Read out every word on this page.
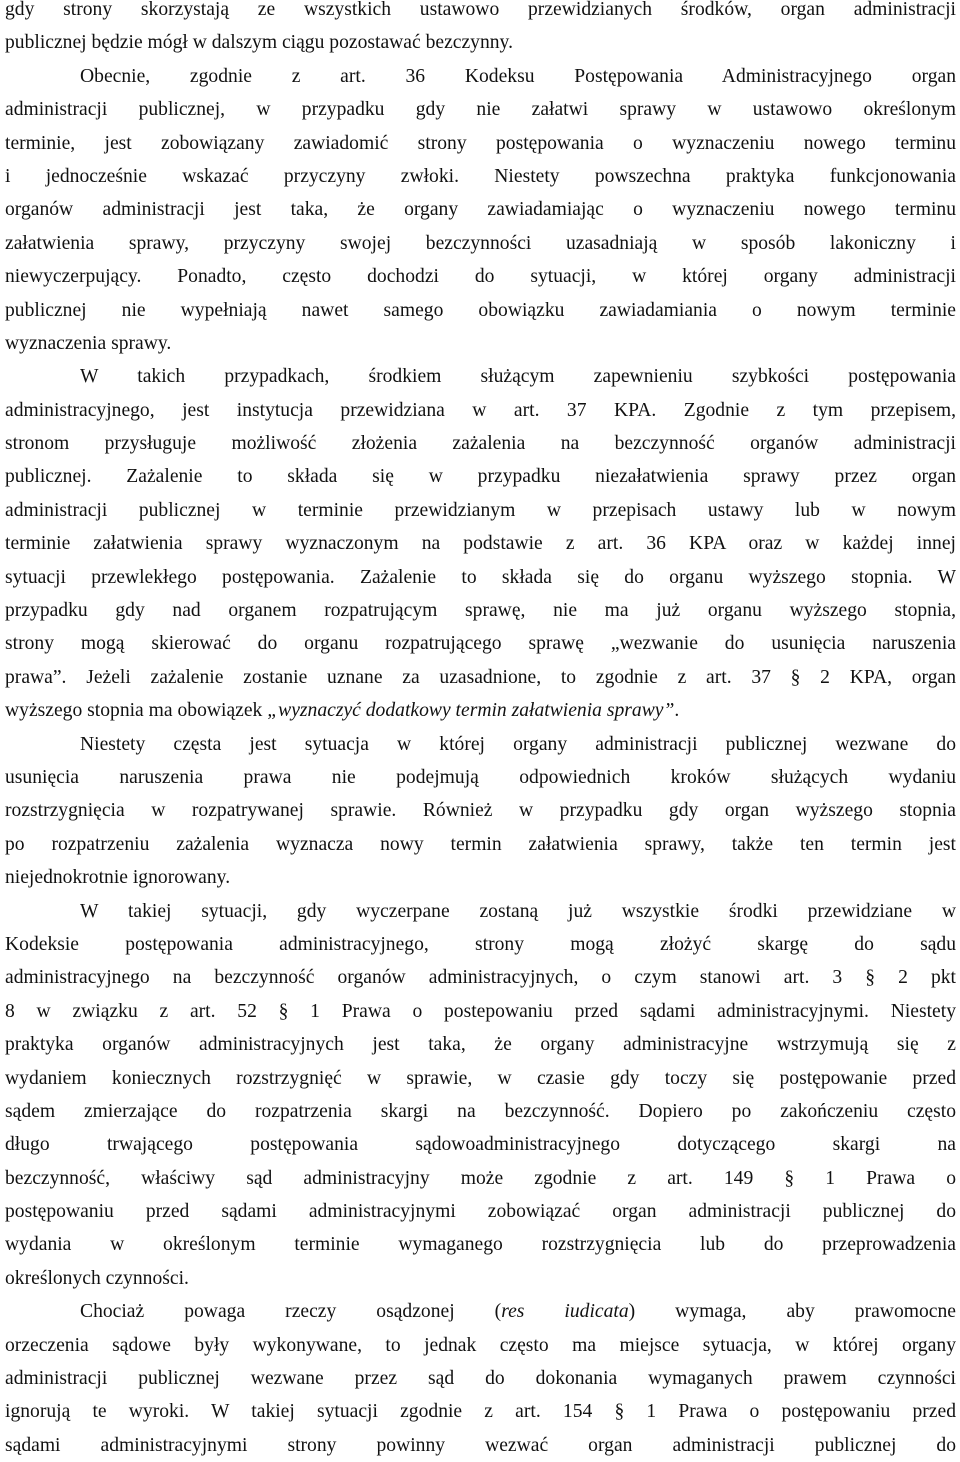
gdy strony skorzystają ze wszystkich ustawowo przewidzianych środków, organ administracji
publicznej będzie mógł w dalszym ciągu pozostawać bezczynny.
Obecnie, zgodnie z art. 36 Kodeksu Postępowania Administracyjnego organ
administracji publicznej, w przypadku gdy nie załatwi sprawy w ustawowo określonym
terminie, jest zobowiązany zawiadomić strony postępowania o wyznaczeniu nowego terminu
i jednocześnie wskazać przyczyny zwłoki. Niestety powszechna praktyka funkcjonowania
organów administracji jest taka, że organy zawiadamiając o wyznaczeniu nowego terminu
załatwienia sprawy, przyczyny swojej bezczynności uzasadniają w sposób lakoniczny i
niewyczerpujący. Ponadto, często dochodzi do sytuacji, w której organy administracji
publicznej nie wypełniają nawet samego obowiązku zawiadamiania o nowym terminie
wyznaczenia sprawy.
W takich przypadkach, środkiem służącym zapewnieniu szybkości postępowania
administracyjnego, jest instytucja przewidziana w art. 37 KPA. Zgodnie z tym przepisem,
stronom przysługuje możliwość złożenia zażalenia na bezczynność organów administracji
publicznej. Zażalenie to składa się w przypadku niezałatwienia sprawy przez organ
administracji publicznej w terminie przewidzianym w przepisach ustawy lub w nowym
terminie załatwienia sprawy wyznaczonym na podstawie z art. 36 KPA oraz w każdej innej
sytuacji przewlekłego postępowania. Zażalenie to składa się do organu wyższego stopnia. W
przypadku gdy nad organem rozpatrującym sprawę, nie ma już organu wyższego stopnia,
strony mogą skierować do organu rozpatrującego sprawę „wezwanie do usunięcia naruszenia
prawa”. Jeżeli zażalenie zostanie uznane za uzasadnione, to zgodnie z art. 37 § 2 KPA, organ
wyższego stopnia ma obowiązek „wyznaczyć dodatkowy termin załatwienia sprawy”.
Niestety częsta jest sytuacja w której organy administracji publicznej wezwane do
usunięcia naruszenia prawa nie podejmują odpowiednich kroków służących wydaniu
rozstrzygnięcia w rozpatrywanej sprawie. Również w przypadku gdy organ wyższego stopnia
po rozpatrzeniu zażalenia wyznacza nowy termin załatwienia sprawy, także ten termin jest
niejednokrotnie ignorowany.
W takiej sytuacji, gdy wyczerpane zostaną już wszystkie środki przewidziane w
Kodeksie postępowania administracyjnego, strony mogą złożyć skargę do sądu
administracyjnego na bezczynność organów administracyjnych, o czym stanowi art. 3 § 2 pkt
8 w związku z art. 52 § 1 Prawa o postepowaniu przed sądami administracyjnymi. Niestety
praktyka organów administracyjnych jest taka, że organy administracyjne wstrzymują się z
wydaniem koniecznych rozstrzygnięć w sprawie, w czasie gdy toczy się postępowanie przed
sądem zmierzające do rozpatrzenia skargi na bezczynność. Dopiero po zakończeniu często
długo trwającego postępowania sądowoadministracyjnego dotyczącego skargi na
bezczynność, właściwy sąd administracyjny może zgodnie z art. 149 § 1 Prawa o
postępowaniu przed sądami administracyjnymi zobowiązać organ administracji publicznej do
wydania w określonym terminie wymaganego rozstrzygnięcia lub do przeprowadzenia
określonych czynności.
Chociaż powaga rzeczy osądzonej (res iudicata) wymaga, aby prawomocne
orzeczenia sądowe były wykonywane, to jednak często ma miejsce sytuacja, w której organy
administracji publicznej wezwane przez sąd do dokonania wymaganych prawem czynności
ignorują te wyroki. W takiej sytuacji zgodnie z art. 154 § 1 Prawa o postępowaniu przed
sądami administracyjnymi strony powinny wezwać organ administracji publicznej do
